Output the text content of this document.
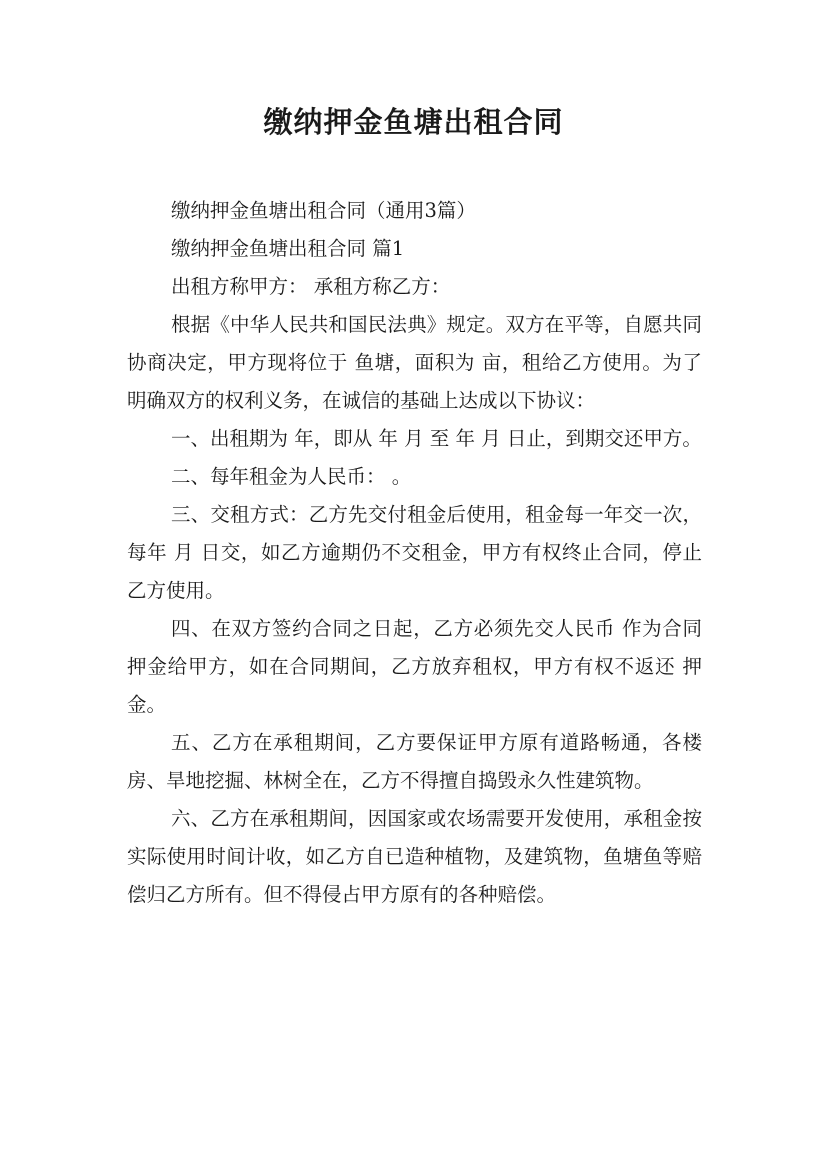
缴纳押金鱼塘出租合同

缴纳押金鱼塘出租合同（通用3篇）

缴纳押金鱼塘出租合同 篇1

出租方称甲方： 承租方称乙方：

根据《中华人民共和国民法典》规定。双方在平等，自愿共同协商决定，甲方现将位于 鱼塘，面积为 亩，租给乙方使用。为了明确双方的权利义务，在诚信的基础上达成以下协议：

一、出租期为 年，即从 年 月 至 年 月 日止，到期交还甲方。

二、每年租金为人民币： 。

三、交租方式：乙方先交付租金后使用，租金每一年交一次，每年 月 日交，如乙方逾期仍不交租金，甲方有权终止合同，停止乙方使用。

四、在双方签约合同之日起，乙方必须先交人民币 作为合同押金给甲方，如在合同期间，乙方放弃租权，甲方有权不返还 押金。

五、乙方在承租期间，乙方要保证甲方原有道路畅通，各楼房、旱地挖掘、林树全在，乙方不得擅自捣毁永久性建筑物。

六、乙方在承租期间，因国家或农场需要开发使用，承租金按实际使用时间计收，如乙方自已造种植物，及建筑物，鱼塘鱼等赔偿归乙方所有。但不得侵占甲方原有的各种赔偿。
